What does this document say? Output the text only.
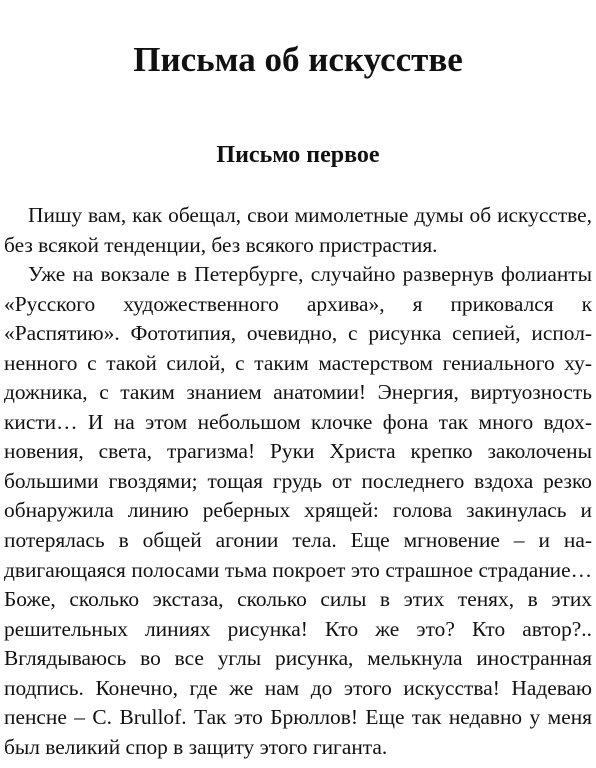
Письма об искусстве
Письмо первое

Пишу вам, как обещал, свои мимолетные думы об искусстве, без всякой тенденции, без всякого пристрастия.

Уже на вокзале в Петербурге, случайно развернув фолианты «Русского художественного архива», я приковался к «Распятию». Фототипия, очевидно, с рисунка сепией, исполненного с такой силой, с таким мастерством гениального художника, с таким знанием анатомии! Энергия, виртуозность кисти… И на этом небольшом клочке фона так много вдохновения, света, трагизма! Руки Христа крепко заколочены большими гвоздями; тощая грудь от последнего вздоха резко обнаружила линию реберных хрящей: голова закинулась и потерялась в общей агонии тела. Еще мгновение – и надвигающаяся полосами тьма покроет это страшное страдание… Боже, сколько экстаза, сколько силы в этих тенях, в этих решительных линиях рисунка! Кто же это? Кто автор?.. Вглядываюсь во все углы рисунка, мелькнула иностранная подпись. Конечно, где же нам до этого искусства! Надеваю пенсне – C. Brullof. Так это Брюллов! Еще так недавно у меня был великий спор в защиту этого гиганта.
